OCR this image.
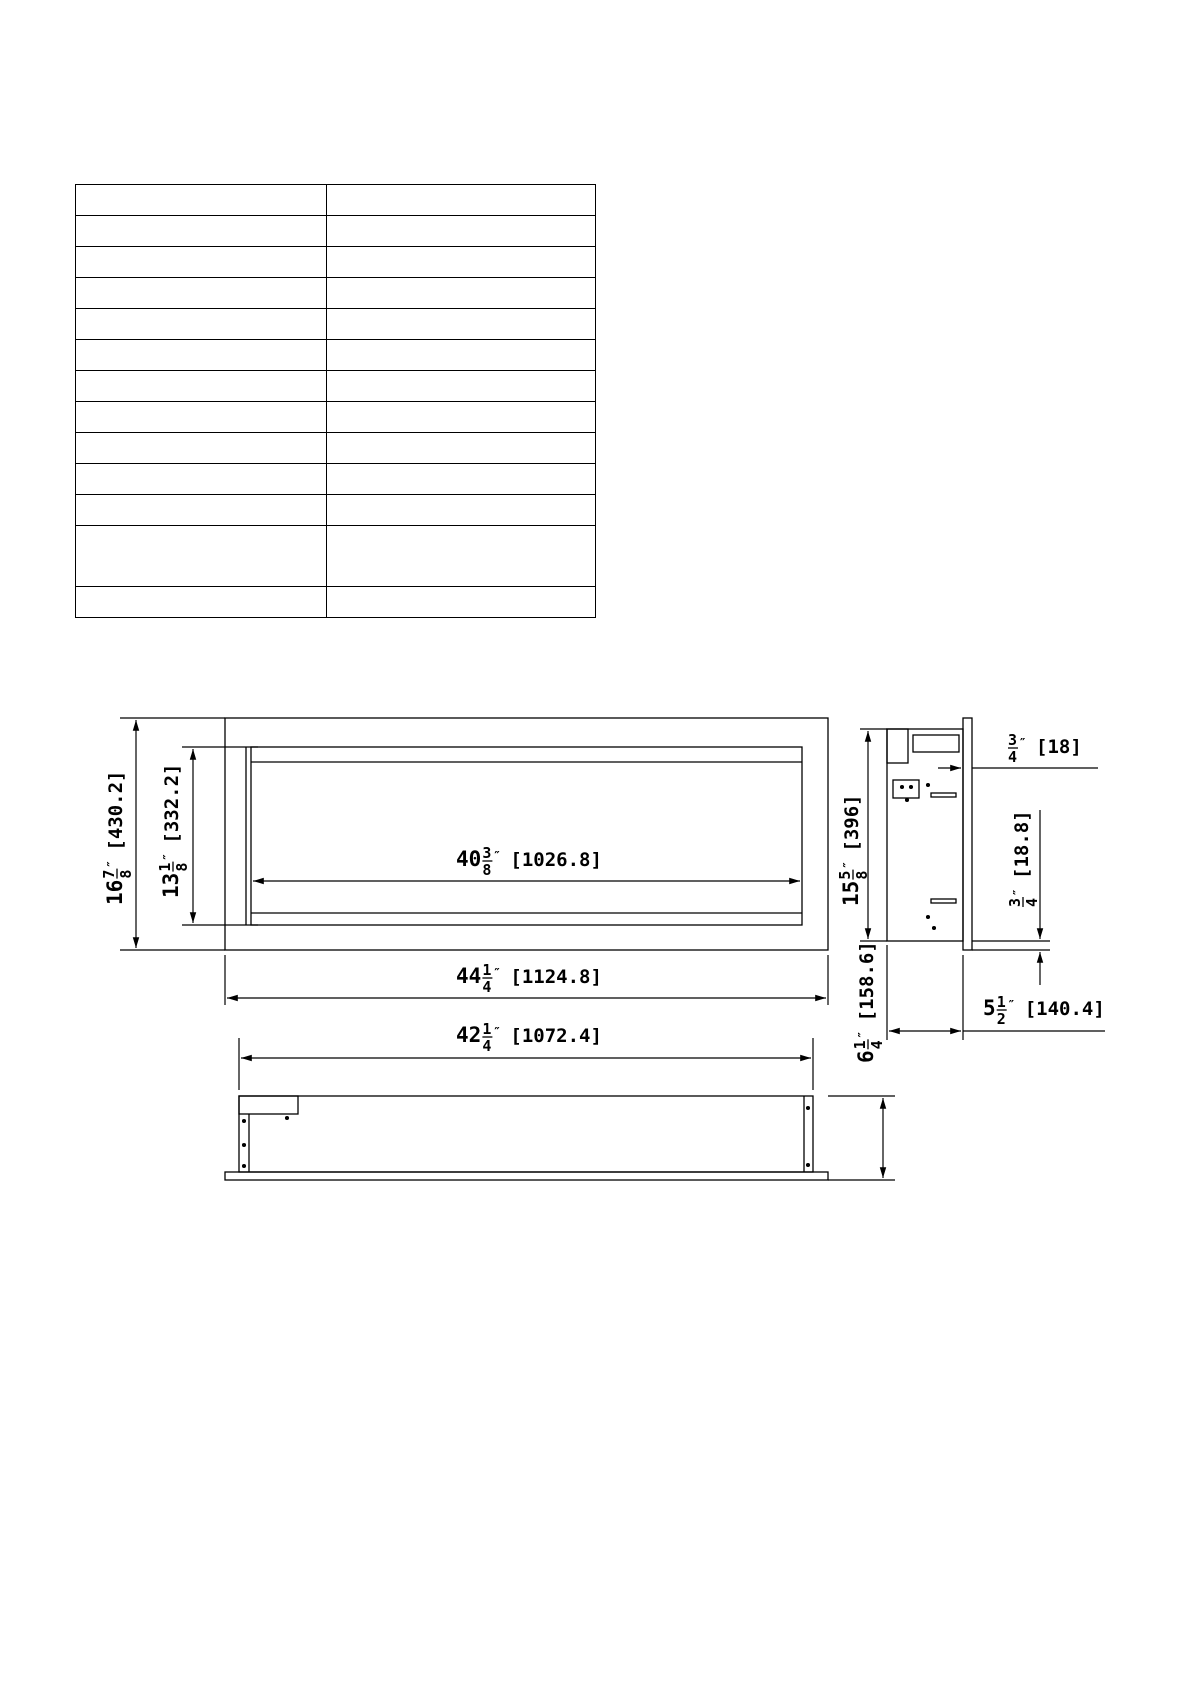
16
7 8
″
[430.2]
13
1 8
″
[332.2]
40 3
8
″ [1026.8]
15
5 8
″
[396]
44 1
4
″ [1124.8]
42 1
4
″ [1072.4]
3
4
″ [18]
3 4
″
[18.8]
5 1
2
″ [140.4]
6
1 4
″
[158.6]
